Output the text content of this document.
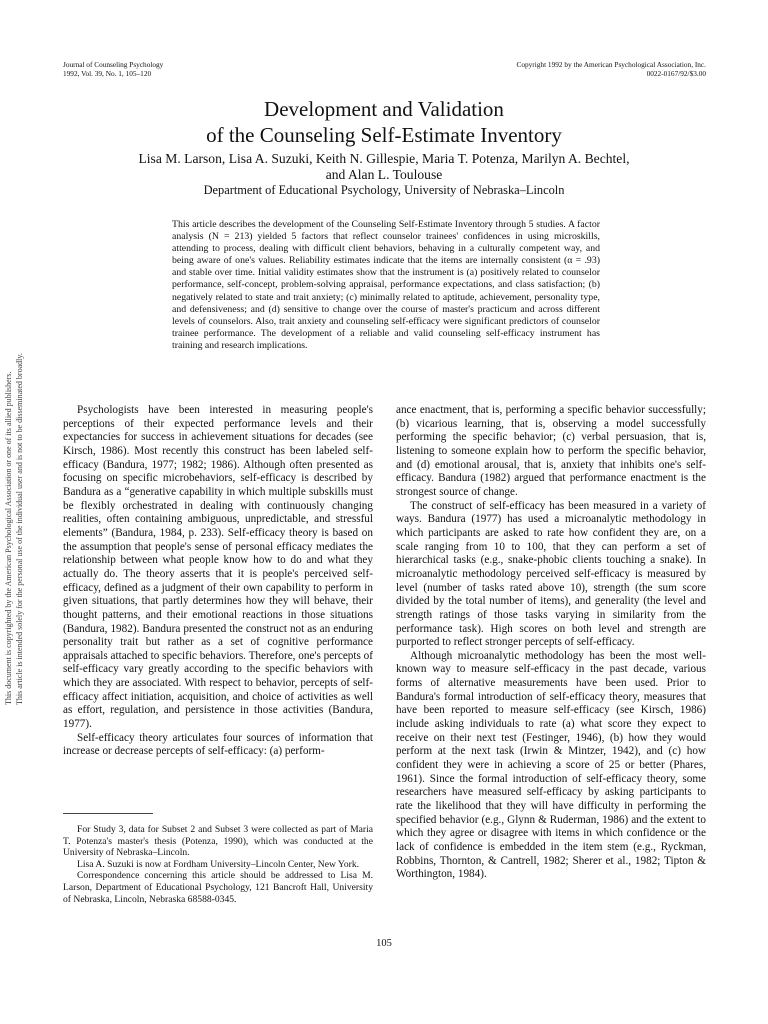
Journal of Counseling Psychology
1992, Vol. 39, No. 1, 105–120
Copyright 1992 by the American Psychological Association, Inc.
0022-0167/92/$3.00
Development and Validation
of the Counseling Self-Estimate Inventory
Lisa M. Larson, Lisa A. Suzuki, Keith N. Gillespie, Maria T. Potenza, Marilyn A. Bechtel,
and Alan L. Toulouse
Department of Educational Psychology, University of Nebraska–Lincoln

This article describes the development of the Counseling Self-Estimate Inventory through 5 studies. A factor analysis (N = 213) yielded 5 factors that reflect counselor trainees' confidences in using microskills, attending to process, dealing with difficult client behaviors, behaving in a culturally competent way, and being aware of one's values. Reliability estimates indicate that the items are internally consistent (α = .93) and stable over time. Initial validity estimates show that the instrument is (a) positively related to counselor performance, self-concept, problem-solving appraisal, performance expectations, and class satisfaction; (b) negatively related to state and trait anxiety; (c) minimally related to aptitude, achievement, personality type, and defensiveness; and (d) sensitive to change over the course of master's practicum and across different levels of counselors. Also, trait anxiety and counseling self-efficacy were significant predictors of counselor trainee performance. The development of a reliable and valid counseling self-efficacy instrument has training and research implications.

This document is copyrighted by the American Psychological Association or one of its allied publishers. This article is intended solely for the personal use of the individual user and is not to be disseminated broadly.	Psychologists have been interested in measuring people's perceptions of their expected performance levels and their expectancies for success in achievement situations for decades (see Kirsch, 1986). Most recently this construct has been labeled self-efficacy (Bandura, 1977; 1982; 1986). Although often presented as focusing on specific microbehaviors, self-efficacy is described by Bandura as a “generative capability in which multiple subskills must be flexibly orchestrated in dealing with continuously changing realities, often containing ambiguous, unpredictable, and stressful elements” (Bandura, 1984, p. 233). Self-efficacy theory is based on the assumption that people's sense of personal efficacy mediates the relationship between what people know how to do and what they actually do. The theory asserts that it is people's perceived self-efficacy, defined as a judgment of their own capability to perform in given situations, that partly determines how they will behave, their thought patterns, and their emotional reactions in those situations (Bandura, 1982). Bandura presented the construct not as an enduring personality trait but rather as a set of cognitive performance appraisals attached to specific behaviors. Therefore, one's percepts of self-efficacy vary greatly according to the specific behaviors with which they are associated. With respect to behavior, percepts of self-efficacy affect initiation, acquisition, and choice of activities as well as effort, regulation, and persistence in those activities (Bandura, 1977).

Self-efficacy theory articulates four sources of information that increase or decrease percepts of self-efficacy: (a) perform-

ance enactment, that is, performing a specific behavior successfully; (b) vicarious learning, that is, observing a model successfully performing the specific behavior; (c) verbal persuasion, that is, listening to someone explain how to perform the specific behavior, and (d) emotional arousal, that is, anxiety that inhibits one's self-efficacy. Bandura (1982) argued that performance enactment is the strongest source of change.

The construct of self-efficacy has been measured in a variety of ways. Bandura (1977) has used a microanalytic methodology in which participants are asked to rate how confident they are, on a scale ranging from 10 to 100, that they can perform a set of hierarchical tasks (e.g., snake-phobic clients touching a snake). In microanalytic methodology perceived self-efficacy is measured by level (number of tasks rated above 10), strength (the sum score divided by the total number of items), and generality (the level and strength ratings of those tasks varying in similarity from the performance task). High scores on both level and strength are purported to reflect stronger percepts of self-efficacy.

Although microanalytic methodology has been the most well-known way to measure self-efficacy in the past decade, various forms of alternative measurements have been used. Prior to Bandura's formal introduction of self-efficacy theory, measures that have been reported to measure self-efficacy (see Kirsch, 1986) include asking individuals to rate (a) what score they expect to receive on their next test (Festinger, 1946), (b) how they would perform at the next task (Irwin & Mintzer, 1942), and (c) how confident they were in achieving a score of 25 or better (Phares, 1961). Since the formal introduction of self-efficacy theory, some researchers have measured self-efficacy by asking participants to rate the likelihood that they will have difficulty in performing the specified behavior (e.g., Glynn & Ruderman, 1986) and the extent to which they agree or disagree with items in which confidence or the lack of confidence is embedded in the item stem (e.g., Ryckman, Robbins, Thornton, & Cantrell, 1982; Sherer et al., 1982; Tipton & Worthington, 1984).

For Study 3, data for Subset 2 and Subset 3 were collected as part of Maria T. Potenza's master's thesis (Potenza, 1990), which was conducted at the University of Nebraska–Lincoln.

Lisa A. Suzuki is now at Fordham University–Lincoln Center, New York.

Correspondence concerning this article should be addressed to Lisa M. Larson, Department of Educational Psychology, 121 Bancroft Hall, University of Nebraska, Lincoln, Nebraska 68588-0345.

105
